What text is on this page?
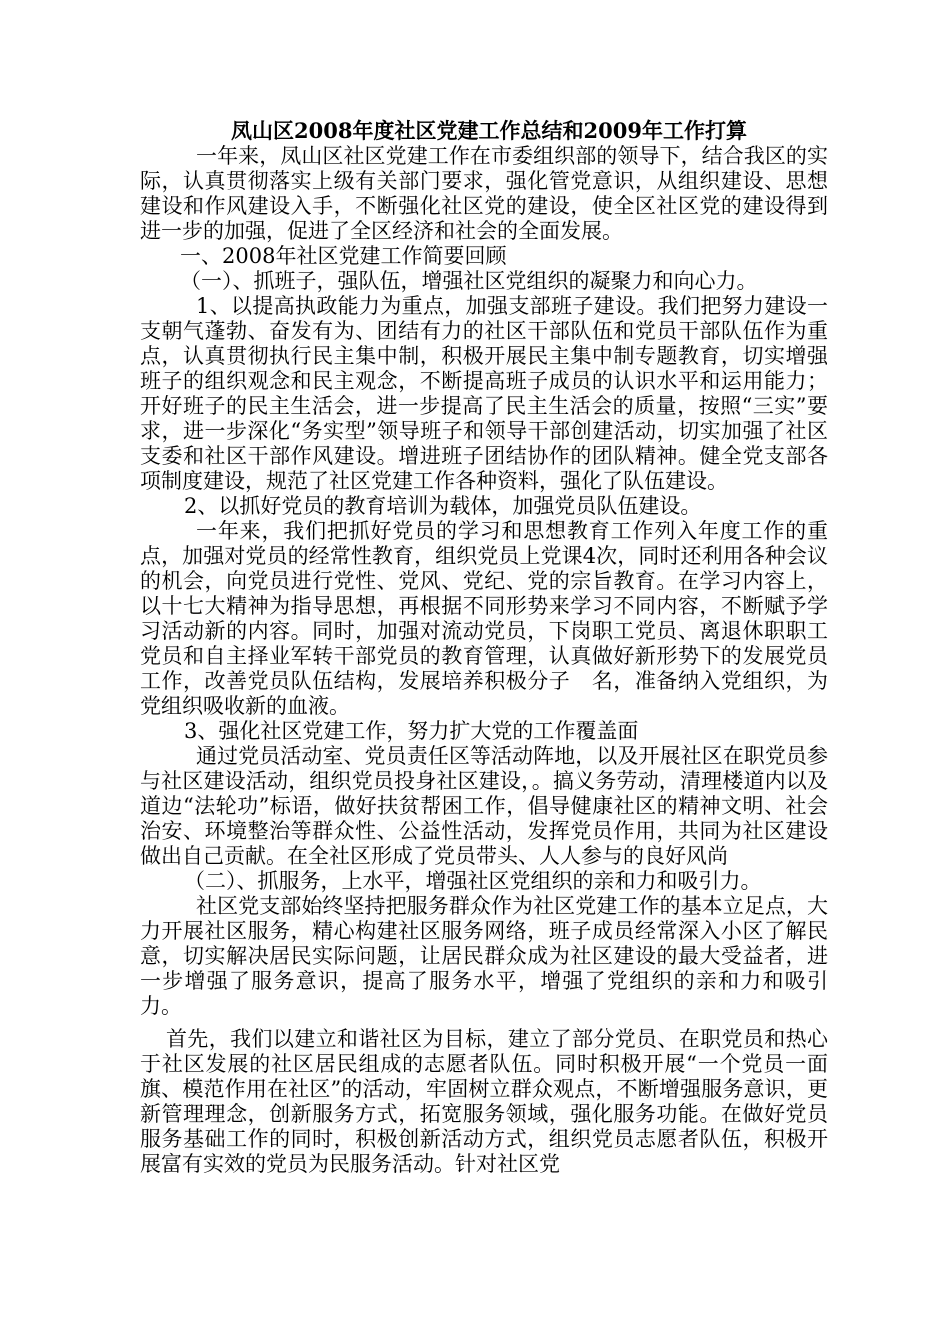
凤山区2008年度社区党建工作总结和2009年工作打算

一年来，凤山区社区党建工作在市委组织部的领导下，结合我区的实际，认真贯彻落实上级有关部门要求，强化管党意识，从组织建设、思想建设和作风建设入手，不断强化社区党的建设，使全区社区党的建设得到进一步的加强，促进了全区经济和社会的全面发展。

一、2008年社区党建工作简要回顾

（一）、抓班子，强队伍，增强社区党组织的凝聚力和向心力。

1、以提高执政能力为重点，加强支部班子建设。我们把努力建设一支朝气蓬勃、奋发有为、团结有力的社区干部队伍和党员干部队伍作为重点，认真贯彻执行民主集中制，积极开展民主集中制专题教育，切实增强班子的组织观念和民主观念，不断提高班子成员的认识水平和运用能力；开好班子的民主生活会，进一步提高了民主生活会的质量，按照“三实”要求，进一步深化“务实型”领导班子和领导干部创建活动，切实加强了社区支委和社区干部作风建设。增进班子团结协作的团队精神。健全党支部各项制度建设，规范了社区党建工作各种资料，强化了队伍建设。

2、以抓好党员的教育培训为载体，加强党员队伍建设。

一年来，我们把抓好党员的学习和思想教育工作列入年度工作的重点，加强对党员的经常性教育，组织党员上党课4次，同时还利用各种会议的机会，向党员进行党性、党风、党纪、党的宗旨教育。在学习内容上，以十七大精神为指导思想，再根据不同形势来学习不同内容，不断赋予学习活动新的内容。同时，加强对流动党员，下岗职工党员、离退休职职工党员和自主择业军转干部党员的教育管理，认真做好新形势下的发展党员工作，改善党员队伍结构，发展培养积极分子　名，准备纳入党组织，为党组织吸收新的血液。

3、强化社区党建工作，努力扩大党的工作覆盖面

通过党员活动室、党员责任区等活动阵地，以及开展社区在职党员参与社区建设活动，组织党员投身社区建设，。搞义务劳动，清理楼道内以及道边“法轮功”标语，做好扶贫帮困工作，倡导健康社区的精神文明、社会治安、环境整治等群众性、公益性活动，发挥党员作用，共同为社区建设做出自己贡献。在全社区形成了党员带头、人人参与的良好风尚

（二）、抓服务，上水平，增强社区党组织的亲和力和吸引力。

社区党支部始终坚持把服务群众作为社区党建工作的基本立足点，大力开展社区服务，精心构建社区服务网络，班子成员经常深入小区了解民意，切实解决居民实际问题，让居民群众成为社区建设的最大受益者，进一步增强了服务意识，提高了服务水平，增强了党组织的亲和力和吸引力。

首先，我们以建立和谐社区为目标，建立了部分党员、在职党员和热心于社区发展的社区居民组成的志愿者队伍。同时积极开展“一个党员一面旗、模范作用在社区”的活动，牢固树立群众观点，不断增强服务意识，更新管理理念，创新服务方式，拓宽服务领域，强化服务功能。在做好党员服务基础工作的同时，积极创新活动方式，组织党员志愿者队伍，积极开展富有实效的党员为民服务活动。针对社区党
